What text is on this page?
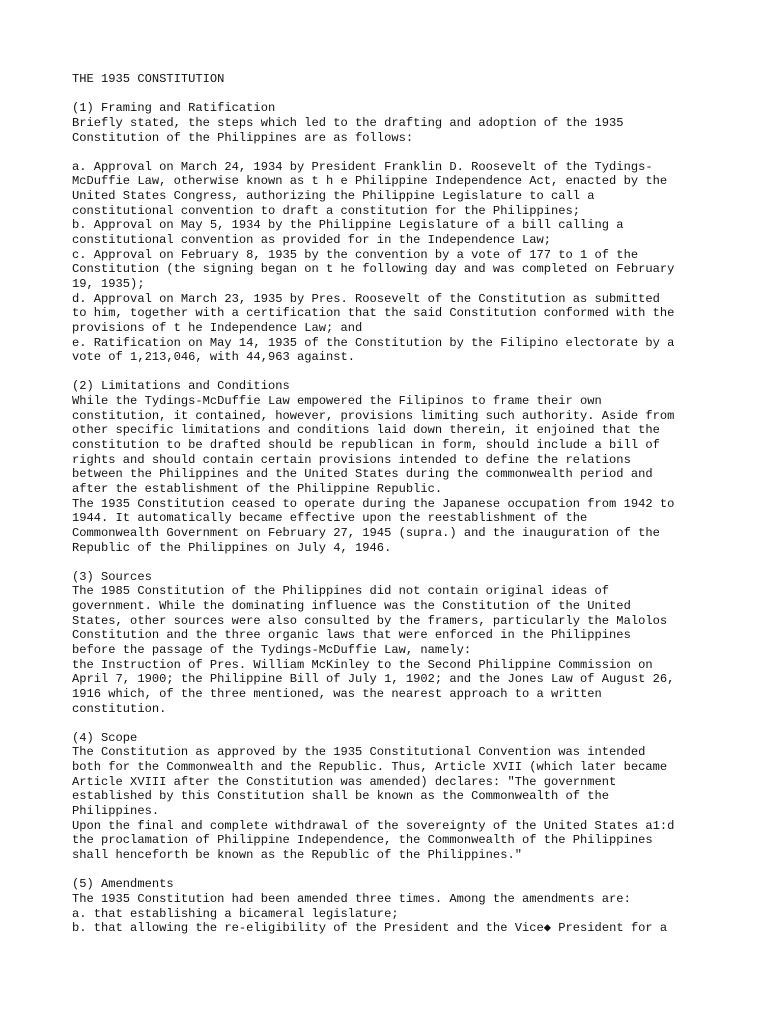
THE 1935 CONSTITUTION
(1) Framing and Ratification
Briefly stated, the steps which led to the drafting and adoption of the 1935
Constitution of the Philippines are as follows:
a. Approval on March 24, 1934 by President Franklin D. Roosevelt of the Tydings-
McDuffie Law, otherwise known as t h e Philippine Independence Act, enacted by the
United States Congress, authorizing the Philippine Legislature to call a
constitutional convention to draft a constitution for the Philippines;
b. Approval on May 5, 1934 by the Philippine Legislature of a bill calling a
constitutional convention as provided for in the Independence Law;
c. Approval on February 8, 1935 by the convention by a vote of 177 to 1 of the
Constitution (the signing began on t he following day and was completed on February
19, 1935);
d. Approval on March 23, 1935 by Pres. Roosevelt of the Constitution as submitted
to him, together with a certification that the said Constitution conformed with the
provisions of t he Independence Law; and
e. Ratification on May 14, 1935 of the Constitution by the Filipino electorate by a
vote of 1,213,046, with 44,963 against.
(2) Limitations and Conditions
While the Tydings-McDuffie Law empowered the Filipinos to frame their own
constitution, it contained, however, provisions limiting such authority. Aside from
other specific limitations and conditions laid down therein, it enjoined that the
constitution to be drafted should be republican in form, should include a bill of
rights and should contain certain provisions intended to define the relations
between the Philippines and the United States during the commonwealth period and
after the establishment of the Philippine Republic.
The 1935 Constitution ceased to operate during the Japanese occupation from 1942 to
1944. It automatically became effective upon the reestablishment of the
Commonwealth Government on February 27, 1945 (supra.) and the inauguration of the
Republic of the Philippines on July 4, 1946.
(3) Sources
The 1985 Constitution of the Philippines did not contain original ideas of
government. While the dominating influence was the Constitution of the United
States, other sources were also consulted by the framers, particularly the Malolos
Constitution and the three organic laws that were enforced in the Philippines
before the passage of the Tydings-McDuffie Law, namely:
the Instruction of Pres. William McKinley to the Second Philippine Commission on
April 7, 1900; the Philippine Bill of July 1, 1902; and the Jones Law of August 26,
1916 which, of the three mentioned, was the nearest approach to a written
constitution.
(4) Scope
The Constitution as approved by the 1935 Constitutional Convention was intended
both for the Commonwealth and the Republic. Thus, Article XVII (which later became
Article XVIII after the Constitution was amended) declares: "The government
established by this Constitution shall be known as the Commonwealth of the
Philippines.
Upon the final and complete withdrawal of the sovereignty of the United States a1:d
the proclamation of Philippine Independence, the Commonwealth of the Philippines
shall henceforth be known as the Republic of the Philippines."
(5) Amendments
The 1935 Constitution had been amended three times. Among the amendments are:
a. that establishing a bicameral legislature;
b. that allowing the re-eligibility of the President and the Vice◆ President for a
